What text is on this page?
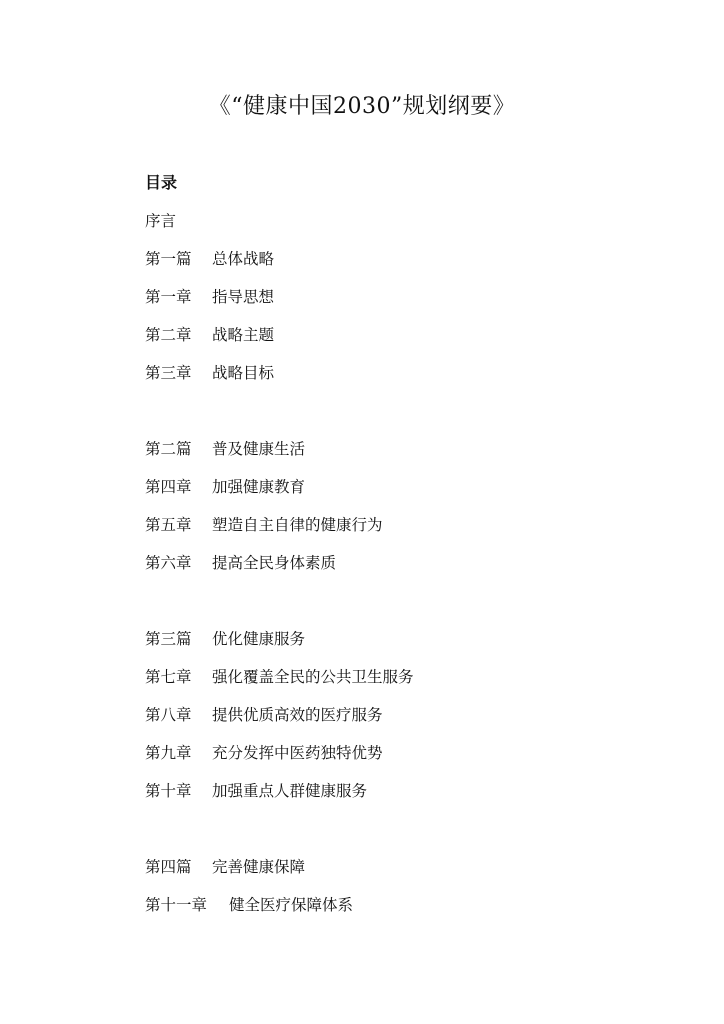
《“健康中国2030”规划纲要》
目录
序言
第一篇 总体战略
第一章 指导思想
第二章 战略主题
第三章 战略目标
第二篇 普及健康生活
第四章 加强健康教育
第五章 塑造自主自律的健康行为
第六章 提高全民身体素质
第三篇 优化健康服务
第七章 强化覆盖全民的公共卫生服务
第八章 提供优质高效的医疗服务
第九章 充分发挥中医药独特优势
第十章 加强重点人群健康服务
第四篇 完善健康保障
第十一章 健全医疗保障体系
